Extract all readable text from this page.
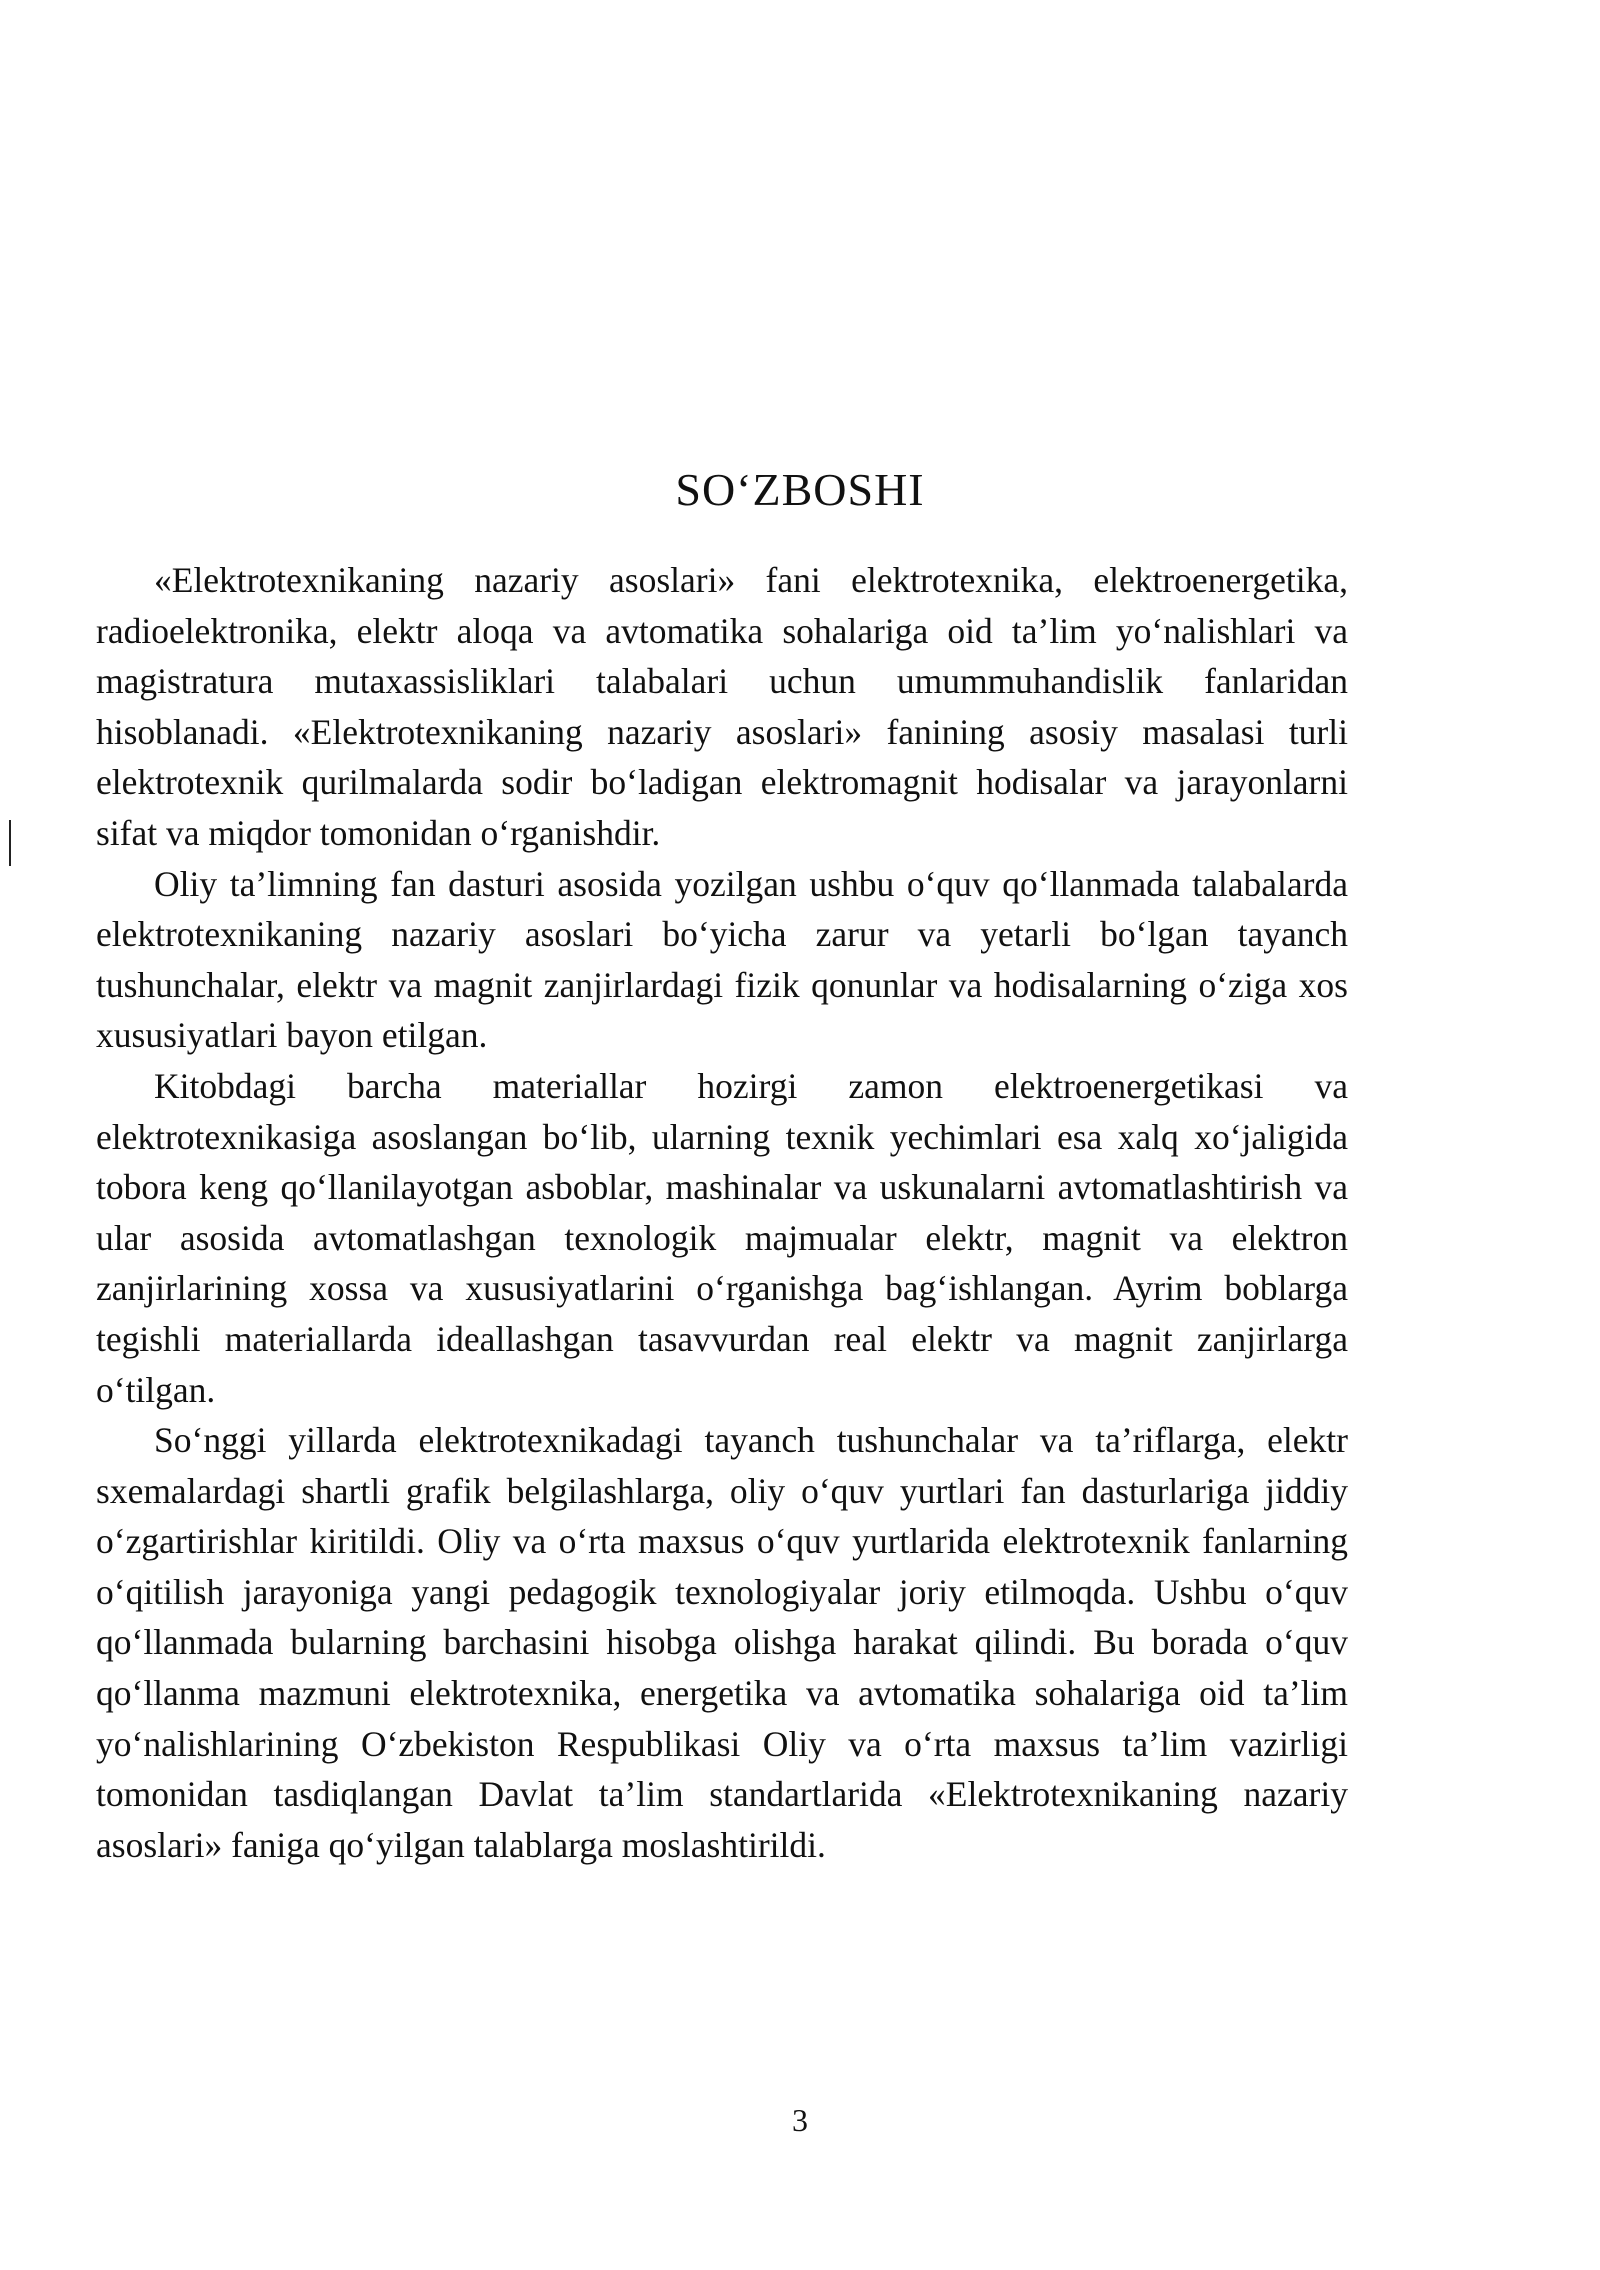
SO‘ZBOSHI

«Elektrotexnikaning nazariy asoslari» fani elektrotexnika, elektroenergetika, radioelektronika, elektr aloqa va avtomatika sohalariga oid ta’lim yo‘nalishlari va magistratura mutaxassisliklari talabalari uchun umummuhandislik fanlaridan hisoblanadi. «Elektrotexnikaning nazariy asoslari» fanining asosiy masalasi turli elektrotexnik qurilmalarda sodir bo‘ladigan elektromagnit hodisalar va jarayonlarni sifat va miqdor tomonidan o‘rganishdir.

Oliy ta’limning fan dasturi asosida yozilgan ushbu o‘quv qo‘llanmada talabalarda elektrotexnikaning nazariy asoslari bo‘yicha zarur va yetarli bo‘lgan tayanch tushunchalar, elektr va magnit zanjirlardagi fizik qonunlar va hodisalarning o‘ziga xos xususiyatlari bayon etilgan.

Kitobdagi barcha materiallar hozirgi zamon elektroenergetikasi va elektrotexnikasiga asoslangan bo‘lib, ularning texnik yechimlari esa xalq xo‘jaligida tobora keng qo‘llanilayotgan asboblar, mashinalar va uskunalarni avtomatlashtirish va ular asosida avtomatlashgan texnologik majmualar elektr, magnit va elektron zanjirlarining xossa va xususiyatlarini o‘rganishga bag‘ishlangan. Ayrim boblarga tegishli materiallarda ideallashgan tasavvurdan real elektr va magnit zanjirlarga o‘tilgan.

So‘nggi yillarda elektrotexnikadagi tayanch tushunchalar va ta’riflarga, elektr sxemalardagi shartli grafik belgilashlarga, oliy o‘quv yurtlari fan dasturlariga jiddiy o‘zgartirishlar kiritildi. Oliy va o‘rta maxsus o‘quv yurtlarida elektrotexnik fanlarning o‘qitilish jarayoniga yangi pedagogik texnologiyalar joriy etilmoqda. Ushbu o‘quv qo‘llanmada bularning barchasini hisobga olishga harakat qilindi. Bu borada o‘quv qo‘llanma mazmuni elektrotexnika, energetika va avtomatika sohalariga oid ta’lim yo‘nalishlarining O‘zbekiston Respublikasi Oliy va o‘rta maxsus ta’lim vazirligi tomonidan tasdiqlangan Davlat ta’lim standartlarida «Elektrotexnikaning nazariy asoslari» faniga qo‘yilgan talablarga moslashtirildi.

3
